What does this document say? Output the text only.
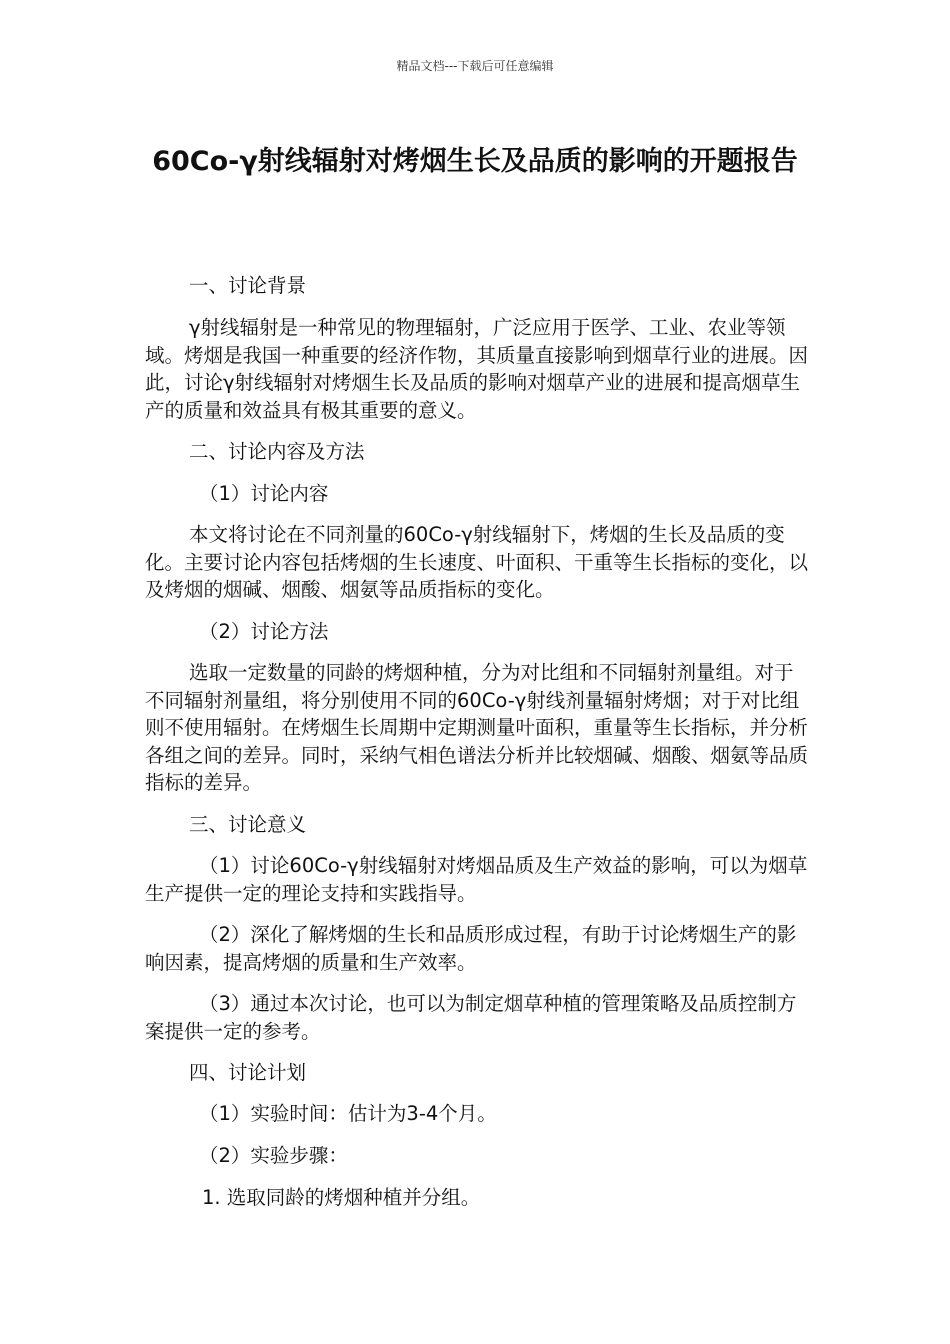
精品文档---下载后可任意编辑
60Co-γ射线辐射对烤烟生长及品质的影响的开题报告

一、讨论背景

γ射线辐射是一种常见的物理辐射，广泛应用于医学、工业、农业等领域。烤烟是我国一种重要的经济作物，其质量直接影响到烟草行业的进展。因此，讨论γ射线辐射对烤烟生长及品质的影响对烟草产业的进展和提高烟草生产的质量和效益具有极其重要的意义。

二、讨论内容及方法

（1）讨论内容

本文将讨论在不同剂量的60Co-γ射线辐射下，烤烟的生长及品质的变化。主要讨论内容包括烤烟的生长速度、叶面积、干重等生长指标的变化，以及烤烟的烟碱、烟酸、烟氨等品质指标的变化。

（2）讨论方法

选取一定数量的同龄的烤烟种植，分为对比组和不同辐射剂量组。对于不同辐射剂量组，将分别使用不同的60Co-γ射线剂量辐射烤烟；对于对比组则不使用辐射。在烤烟生长周期中定期测量叶面积，重量等生长指标，并分析各组之间的差异。同时，采纳气相色谱法分析并比较烟碱、烟酸、烟氨等品质指标的差异。

三、讨论意义

（1）讨论60Co-γ射线辐射对烤烟品质及生产效益的影响，可以为烟草生产提供一定的理论支持和实践指导。

（2）深化了解烤烟的生长和品质形成过程，有助于讨论烤烟生产的影响因素，提高烤烟的质量和生产效率。

（3）通过本次讨论，也可以为制定烟草种植的管理策略及品质控制方案提供一定的参考。

四、讨论计划

（1）实验时间：估计为3-4个月。

（2）实验步骤：

1. 选取同龄的烤烟种植并分组。
